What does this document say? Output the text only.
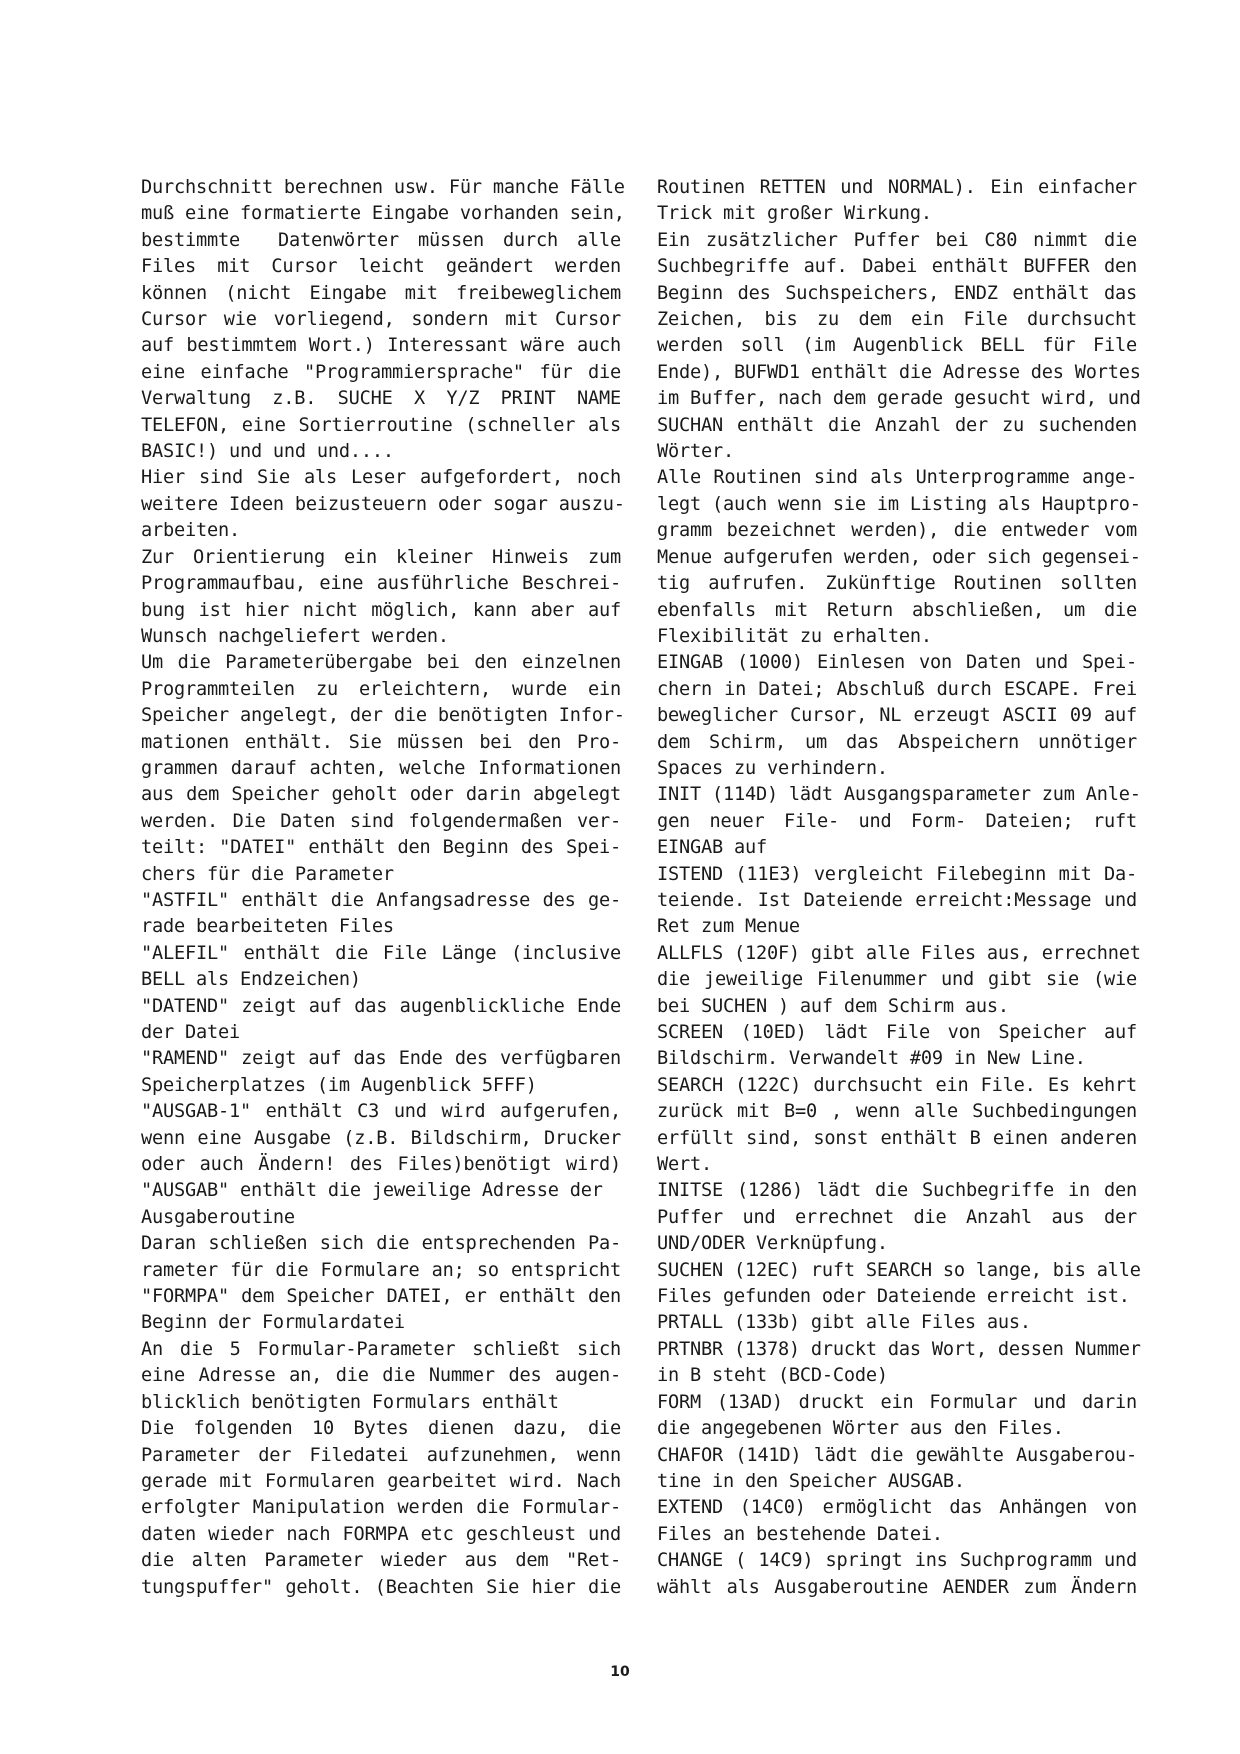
Durchschnitt berechnen usw. Für manche Fälle
muß eine formatierte Eingabe vorhanden sein,
bestimmte  Datenwörter müssen durch alle
Files mit Cursor leicht geändert werden
können (nicht Eingabe mit freibeweglichem
Cursor wie vorliegend, sondern mit Cursor
auf bestimmtem Wort.) Interessant wäre auch
eine einfache "Programmiersprache" für die
Verwaltung z.B. SUCHE X Y/Z PRINT NAME
TELEFON, eine Sortierroutine (schneller als
BASIC!) und und und....
Hier sind Sie als Leser aufgefordert, noch
weitere Ideen beizusteuern oder sogar auszu-
arbeiten.
Zur Orientierung ein kleiner Hinweis zum
Programmaufbau, eine ausführliche Beschrei-
bung ist hier nicht möglich, kann aber auf
Wunsch nachgeliefert werden.
Um die Parameterübergabe bei den einzelnen
Programmteilen zu erleichtern, wurde ein
Speicher angelegt, der die benötigten Infor-
mationen enthält. Sie müssen bei den Pro-
grammen darauf achten, welche Informationen
aus dem Speicher geholt oder darin abgelegt
werden. Die Daten sind folgendermaßen ver-
teilt: "DATEI" enthält den Beginn des Spei-
chers für die Parameter
"ASTFIL" enthält die Anfangsadresse des ge-
rade bearbeiteten Files
"ALEFIL" enthält die File Länge (inclusive
BELL als Endzeichen)
"DATEND" zeigt auf das augenblickliche Ende
der Datei
"RAMEND" zeigt auf das Ende des verfügbaren
Speicherplatzes (im Augenblick 5FFF)
"AUSGAB-1" enthält C3 und wird aufgerufen,
wenn eine Ausgabe (z.B. Bildschirm, Drucker
oder auch Ändern! des Files)benötigt wird)
"AUSGAB" enthält die jeweilige Adresse der
Ausgaberoutine
Daran schließen sich die entsprechenden Pa-
rameter für die Formulare an; so entspricht
"FORMPA" dem Speicher DATEI, er enthält den
Beginn der Formulardatei
An die 5 Formular-Parameter schließt sich
eine Adresse an, die die Nummer des augen-
blicklich benötigten Formulars enthält
Die folgenden 10 Bytes dienen dazu, die
Parameter der Filedatei aufzunehmen, wenn
gerade mit Formularen gearbeitet wird. Nach
erfolgter Manipulation werden die Formular-
daten wieder nach FORMPA etc geschleust und
die alten Parameter wieder aus dem "Ret-
tungspuffer" geholt. (Beachten Sie hier die
Routinen RETTEN und NORMAL). Ein einfacher
Trick mit großer Wirkung.
Ein zusätzlicher Puffer bei C80 nimmt die
Suchbegriffe auf. Dabei enthält BUFFER den
Beginn des Suchspeichers, ENDZ enthält das
Zeichen, bis zu dem ein File durchsucht
werden soll (im Augenblick BELL für File
Ende), BUFWD1 enthält die Adresse des Wortes
im Buffer, nach dem gerade gesucht wird, und
SUCHAN enthält die Anzahl der zu suchenden
Wörter.
Alle Routinen sind als Unterprogramme ange-
legt (auch wenn sie im Listing als Hauptpro-
gramm bezeichnet werden), die entweder vom
Menue aufgerufen werden, oder sich gegensei-
tig aufrufen. Zukünftige Routinen sollten
ebenfalls mit Return abschließen, um die
Flexibilität zu erhalten.
EINGAB (1000) Einlesen von Daten und Spei-
chern in Datei; Abschluß durch ESCAPE. Frei
beweglicher Cursor, NL erzeugt ASCII 09 auf
dem Schirm, um das Abspeichern unnötiger
Spaces zu verhindern.
INIT (114D) lädt Ausgangsparameter zum Anle-
gen neuer File- und Form- Dateien; ruft
EINGAB auf
ISTEND (11E3) vergleicht Filebeginn mit Da-
teiende. Ist Dateiende erreicht:Message und
Ret zum Menue
ALLFLS (120F) gibt alle Files aus, errechnet
die jeweilige Filenummer und gibt sie (wie
bei SUCHEN ) auf dem Schirm aus.
SCREEN (10ED) lädt File von Speicher auf
Bildschirm. Verwandelt #09 in New Line.
SEARCH (122C) durchsucht ein File. Es kehrt
zurück mit B=0 , wenn alle Suchbedingungen
erfüllt sind, sonst enthält B einen anderen
Wert.
INITSE (1286) lädt die Suchbegriffe in den
Puffer und errechnet die Anzahl aus der
UND/ODER Verknüpfung.
SUCHEN (12EC) ruft SEARCH so lange, bis alle
Files gefunden oder Dateiende erreicht ist.
PRTALL (133b) gibt alle Files aus.
PRTNBR (1378) druckt das Wort, dessen Nummer
in B steht (BCD-Code)
FORM (13AD) druckt ein Formular und darin
die angegebenen Wörter aus den Files.
CHAFOR (141D) lädt die gewählte Ausgaberou-
tine in den Speicher AUSGAB.
EXTEND (14C0) ermöglicht das Anhängen von
Files an bestehende Datei.
CHANGE ( 14C9) springt ins Suchprogramm und
wählt als Ausgaberoutine AENDER zum Ändern
10
